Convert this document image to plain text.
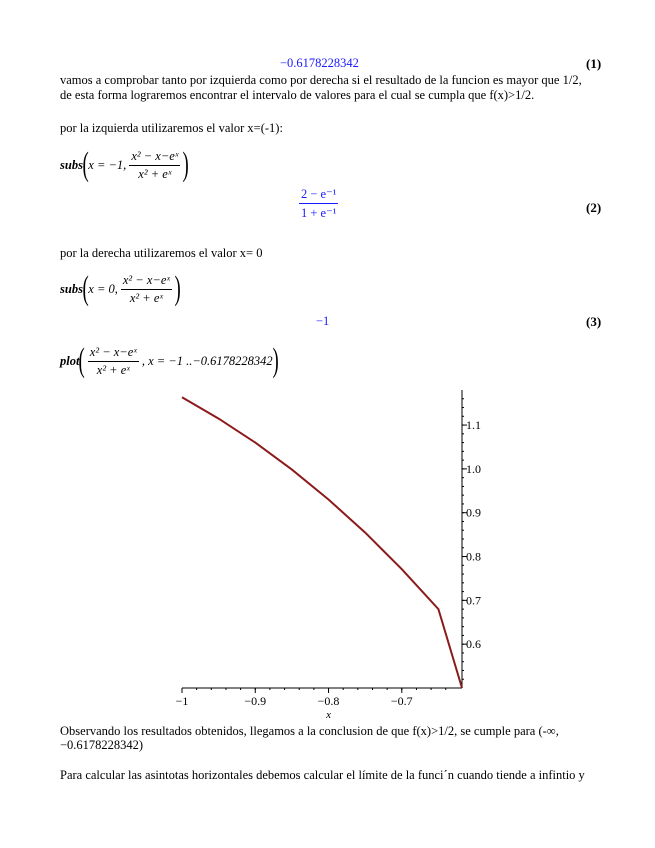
−0.6178228342	(1)
vamos a comprobar tanto por izquierda como por derecha si el resultado de la funcion es mayor que 1/2,
de esta forma lograremos encontrar el intervalo de valores para el cual se cumpla que f(x)>1/2.
por la izquierda utilizaremos el valor x=(-1):
subs ( x = −1, $\frac{\text{x² − x−eˣ}}{\text{x² + eˣ}}$ )
$\frac{\text{2 − e⁻¹}}{\text{1 + e⁻¹}}$	(2)
por la derecha utilizaremos el valor x= 0
subs ( x = 0, $\frac{\text{x² − x−eˣ}}{\text{x² + eˣ}}$ )
−1	(3)
plot ( $\frac{\text{x² − x−eˣ}}{\text{x² + eˣ}}$ , x = −1 ..−0.6178228342 )
−1	−0.9	−0.8	−0.7
x
0.6
0.7
0.8
0.9
1.0
1.1
Observando los resultados obtenidos, llegamos a la conclusion de que f(x)>1/2, se cumple para (-∞,
−0.6178228342)
Para calcular las asintotas horizontales debemos calcular el límite de la funci´n cuando tiende a infintio y
